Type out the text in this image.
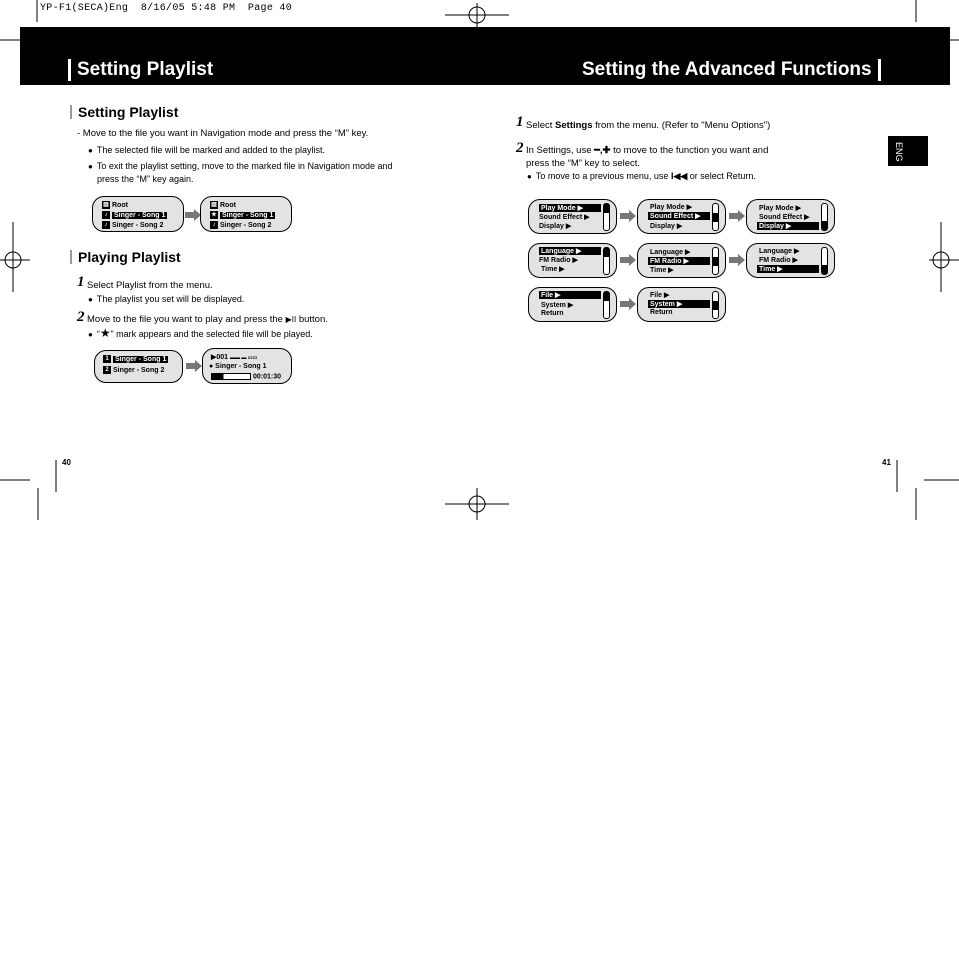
YP-F1(SECA)Eng  8/16/05 5:48 PM  Page 40
Setting Playlist	Setting the Advanced Functions
ENG
Setting Playlist
- Move to the file you want in Navigation mode and press the “M” key.
● The selected file will be marked and added to the playlist.
● To exit the playlist setting, move to the marked file in Navigation mode and
press the “M” key again.
▤ Root
♪ Singer - Song 1
♪ Singer - Song 2
▤ Root
★ Singer - Song 1
♪ Singer - Song 2
Playing Playlist
1 Select Playlist from the menu.
● The playlist you set will be displayed.
2 Move to the file you want to play and press the ▶II button.
● “★” mark appears and the selected file will be played.
1 Singer - Song 1
2 Singer - Song 2
▶001 ▬▬ ▬ ▭▭
● Singer - Song 1
00:01:30
40
1 Select Settings from the menu. (Refer to "Menu Options")
2 In Settings, use ━,✚ to move to the function you want and
press the “M” key to select.
● To move to a previous menu, use I◀◀ or select Return.
Play Mode ▶
Sound Effect ▶
Display ▶
Play Mode ▶
Sound Effect ▶
Display ▶
Play Mode ▶
Sound Effect ▶
Display ▶
Language ▶
FM Radio ▶
Time ▶
Language ▶
FM Radio ▶
Time ▶
Language ▶
FM Radio ▶
Time ▶
File ▶
System ▶
Return
File ▶
System ▶
Return
41
